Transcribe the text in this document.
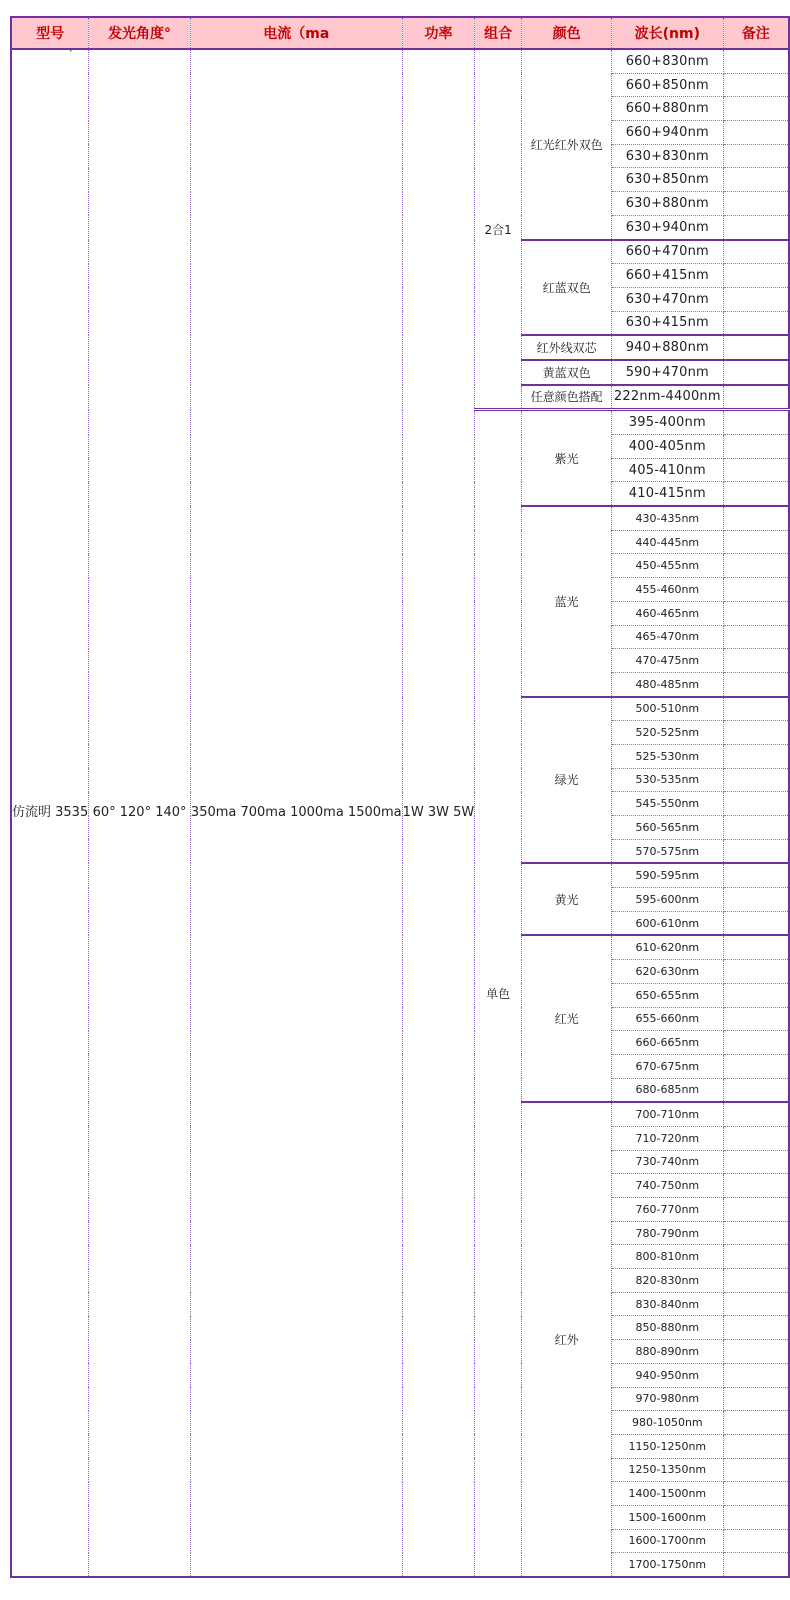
型号	发光角度°	电流（ma	功率	组合	颜色	波长(nm)	备注
仿流明 3535	60° 120° 140°	350ma 700ma 1000ma 1500ma	1W 3W 5W	2合1	红光红外双色	660+830nm	
						660+850nm	
						660+880nm	
						660+940nm	
						630+830nm	
						630+850nm	
						630+880nm	
						630+940nm	
					红蓝双色	660+470nm	
						660+415nm	
						630+470nm	
						630+415nm	
					红外线双芯	940+880nm	
					黄蓝双色	590+470nm	
					任意颜色搭配	222nm-4400nm	
				单色	紫光	395-400nm	
						400-405nm	
						405-410nm	
						410-415nm	
					蓝光	430-435nm	
						440-445nm	
						450-455nm	
						455-460nm	
						460-465nm	
						465-470nm	
						470-475nm	
						480-485nm	
					绿光	500-510nm	
						520-525nm	
						525-530nm	
						530-535nm	
						545-550nm	
						560-565nm	
						570-575nm	
					黄光	590-595nm	
						595-600nm	
						600-610nm	
					红光	610-620nm	
						620-630nm	
						650-655nm	
						655-660nm	
						660-665nm	
						670-675nm	
						680-685nm	
					红外	700-710nm	
						710-720nm	
						730-740nm	
						740-750nm	
						760-770nm	
						780-790nm	
						800-810nm	
						820-830nm	
						830-840nm	
						850-880nm	
						880-890nm	
						940-950nm	
						970-980nm	
						980-1050nm	
						1150-1250nm	
						1250-1350nm	
						1400-1500nm	
						1500-1600nm	
						1600-1700nm	
						1700-1750nm	
